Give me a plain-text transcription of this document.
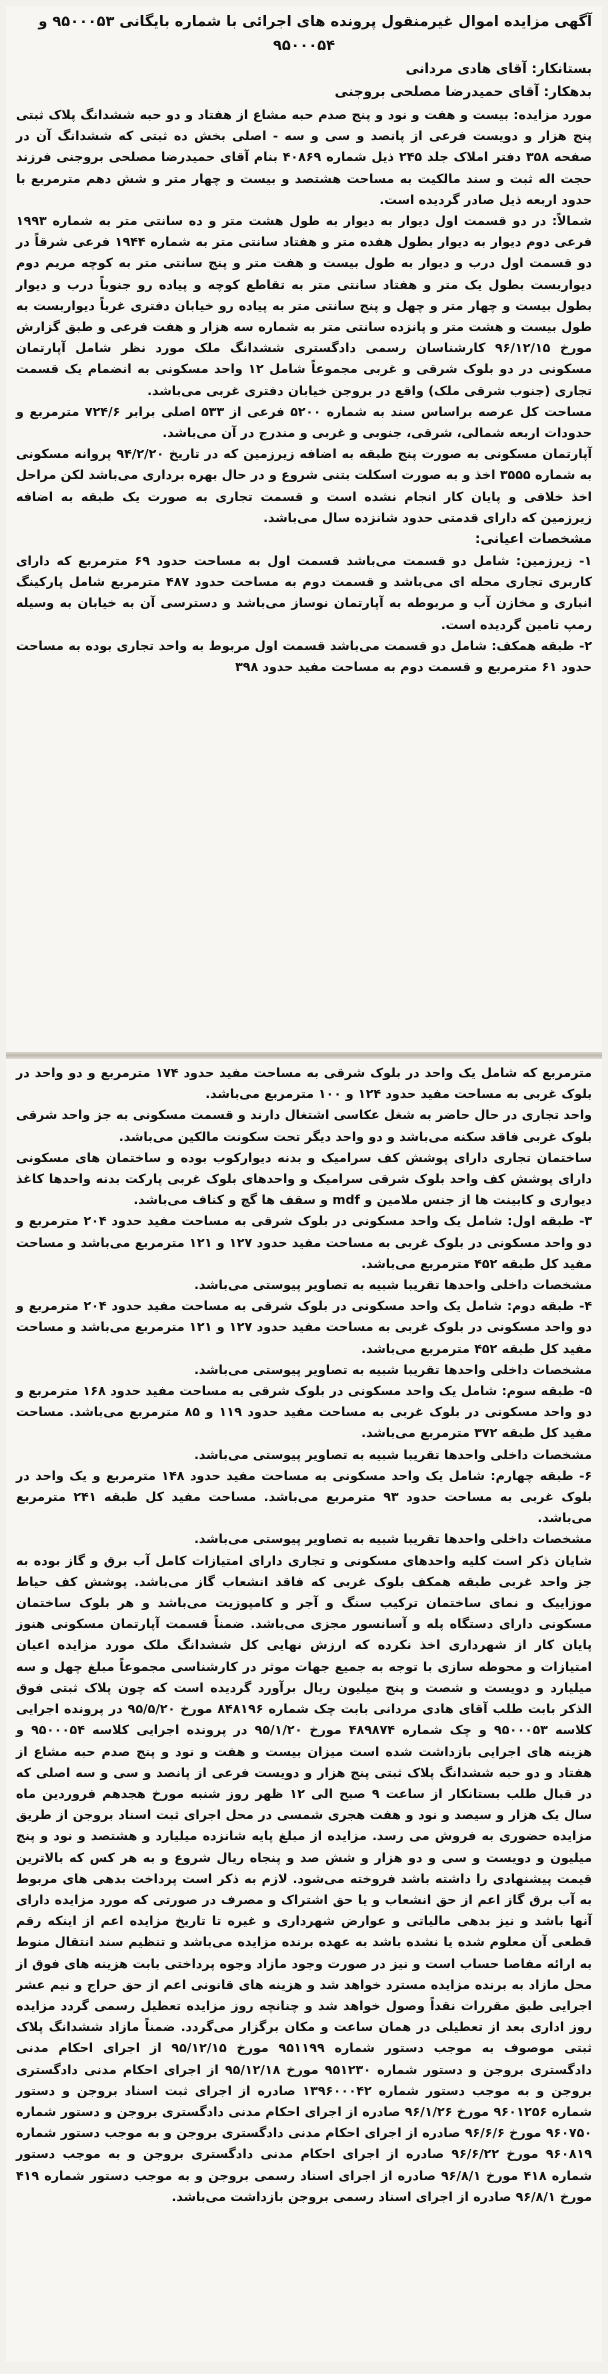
آگهی مزایده اموال غیرمنقول پرونده های اجرائی با شماره بایگانی ۹۵۰۰۰۵۳ و
۹۵۰۰۰۵۴
بستانکار: آقای هادی مردانی
بدهکار: آقای حمیدرضا مصلحی بروجنی

مورد مزایده: بیست و هفت و نود و پنج صدم حبه مشاع از هفتاد و دو حبه ششدانگ پلاک ثبتی پنج هزار و دویست فرعی از پانصد و سی و سه - اصلی بخش ده ثبتی که ششدانگ آن در صفحه ۳۵۸ دفتر املاک جلد ۲۴۵ ذیل شماره ۴۰۸۶۹ بنام آقای حمیدرضا مصلحی بروجنی فرزند حجت اله ثبت و سند مالکیت به مساحت هشتصد و بیست و چهار متر و شش دهم مترمربع با حدود اربعه ذیل صادر گردیده است.

شمالاً: در دو قسمت اول دیوار به دیوار به طول هشت متر و ده سانتی متر به شماره ۱۹۹۳ فرعی دوم دیوار به دیوار بطول هفده متر و هفتاد سانتی متر به شماره ۱۹۴۴ فرعی شرقاً در دو قسمت اول درب و دیوار به طول بیست و هفت متر و پنج سانتی متر به کوچه مریم دوم دیواربست بطول یک متر و هفتاد سانتی متر به تقاطع کوچه و پیاده رو جنوباً درب و دیوار بطول بیست و چهار متر و چهل و پنج سانتی متر به پیاده رو خیابان دفتری غرباً دیواربست به طول بیست و هشت متر و پانزده سانتی متر به شماره سه هزار و هفت فرعی و طبق گزارش مورخ ۹۶/۱۲/۱۵ کارشناسان رسمی دادگستری ششدانگ ملک مورد نظر شامل آپارتمان مسکونی در دو بلوک شرقی و غربی مجموعاً شامل ۱۲ واحد مسکونی به انضمام یک قسمت تجاری (جنوب شرقی ملک) واقع در بروجن خیابان دفتری غربی می‌باشد.

مساحت کل عرصه براساس سند به شماره ۵۲۰۰ فرعی از ۵۳۳ اصلی برابر ۷۲۴/۶ مترمربع و حدودات اربعه شمالی، شرقی، جنوبی و غربی و مندرج در آن می‌باشد.

آپارتمان مسکونی به صورت پنج طبقه به اضافه زیرزمین که در تاریخ ۹۴/۲/۲۰ پروانه مسکونی به شماره ۳۵۵۵ اخذ و به صورت اسکلت بتنی شروع و در حال بهره برداری می‌باشد لکن مراحل اخذ خلافی و پایان کار انجام نشده است و قسمت تجاری به صورت یک طبقه به اضافه زیرزمین که دارای قدمتی حدود شانزده سال می‌باشد.

مشخصات اعیانی:

۱- زیرزمین: شامل دو قسمت می‌باشد قسمت اول به مساحت حدود ۶۹ مترمربع که دارای کاربری تجاری محله ای می‌باشد و قسمت دوم به مساحت حدود ۴۸۷ مترمربع شامل پارکینگ انباری و مخازن آب و مربوطه به آپارتمان نوساز می‌باشد و دسترسی آن به خیابان به وسیله رمپ تامین گردیده است.

۲- طبقه همکف: شامل دو قسمت می‌باشد قسمت اول مربوط به واحد تجاری بوده به مساحت حدود ۶۱ مترمربع و قسمت دوم به مساحت مفید حدود ۳۹۸

مترمربع که شامل یک واحد در بلوک شرقی به مساحت مفید حدود ۱۷۴ مترمربع و دو واحد در بلوک غربی به مساحت مفید حدود ۱۲۴ و ۱۰۰ مترمربع می‌باشد.

واحد تجاری در حال حاضر به شغل عکاسی اشتغال دارند و قسمت مسکونی به جز واحد شرقی بلوک غربی فاقد سکنه می‌باشد و دو واحد دیگر تحت سکونت مالکین می‌باشد.

ساختمان تجاری دارای پوشش کف سرامیک و بدنه دیوارکوب بوده و ساختمان های مسکونی دارای پوشش کف واحد بلوک شرقی سرامیک و واحدهای بلوک غربی پارکت بدنه واحدها کاغذ دیواری و کابینت ها از جنس ملامین و mdf و سقف ها گچ و کناف می‌باشد.

۳- طبقه اول: شامل یک واحد مسکونی در بلوک شرقی به مساحت مفید حدود ۲۰۴ مترمربع و دو واحد مسکونی در بلوک غربی به مساحت مفید حدود ۱۲۷ و ۱۲۱ مترمربع می‌باشد و مساحت مفید کل طبقه ۴۵۲ مترمربع می‌باشد.

مشخصات داخلی واحدها تقریبا شبیه به تصاویر پیوستی می‌باشد.

۴- طبقه دوم: شامل یک واحد مسکونی در بلوک شرقی به مساحت مفید حدود ۲۰۴ مترمربع و دو واحد مسکونی در بلوک غربی به مساحت مفید حدود ۱۲۷ و ۱۲۱ مترمربع می‌باشد و مساحت مفید کل طبقه ۴۵۲ مترمربع می‌باشد.

مشخصات داخلی واحدها تقریبا شبیه به تصاویر پیوستی می‌باشد.

۵- طبقه سوم: شامل یک واحد مسکونی در بلوک شرقی به مساحت مفید حدود ۱۶۸ مترمربع و دو واحد مسکونی در بلوک غربی به مساحت مفید حدود ۱۱۹ و ۸۵ مترمربع می‌باشد. مساحت مفید کل طبقه ۳۷۲ مترمربع می‌باشد.

مشخصات داخلی واحدها تقریبا شبیه به تصاویر پیوستی می‌باشد.

۶- طبقه چهارم: شامل یک واحد مسکونی به مساحت مفید حدود ۱۴۸ مترمربع و یک واحد در بلوک غربی به مساحت حدود ۹۳ مترمربع می‌باشد. مساحت مفید کل طبقه ۲۴۱ مترمربع می‌باشد.

مشخصات داخلی واحدها تقریبا شبیه به تصاویر پیوستی می‌باشد.

شایان ذکر است کلیه واحدهای مسکونی و تجاری دارای امتیازات کامل آب برق و گاز بوده به جز واحد غربی طبقه همکف بلوک غربی که فاقد انشعاب گاز می‌باشد. پوشش کف حیاط موزاییک و نمای ساختمان ترکیب سنگ و آجر و کامپوزیت می‌باشد و هر بلوک ساختمان مسکونی دارای دستگاه پله و آسانسور مجزی می‌باشد. ضمناً قسمت آپارتمان مسکونی هنوز پایان کار از شهرداری اخذ نکرده که ارزش نهایی کل ششدانگ ملک مورد مزایده اعیان امتیازات و محوطه سازی با توجه به جمیع جهات موثر در کارشناسی مجموعاً مبلغ چهل و سه میلیارد و دویست و شصت و پنج میلیون ریال برآورد گردیده است که چون پلاک ثبتی فوق الذکر بابت طلب آقای هادی مردانی بابت چک شماره ۸۴۸۱۹۶ مورخ ۹۵/۵/۲۰ در پرونده اجرایی کلاسه ۹۵۰۰۰۵۳ و چک شماره ۴۸۹۸۷۴ مورخ ۹۵/۱/۲۰ در پرونده اجرایی کلاسه ۹۵۰۰۰۵۴ و هزینه های اجرایی بازداشت شده است میزان بیست و هفت و نود و پنج صدم حبه مشاع از هفتاد و دو حبه ششدانگ پلاک ثبتی پنج هزار و دویست فرعی از پانصد و سی و سه اصلی که در قبال طلب بستانکار از ساعت ۹ صبح الی ۱۲ ظهر روز شنبه مورخ هجدهم فروردین ماه سال یک هزار و سیصد و نود و هفت هجری شمسی در محل اجرای ثبت اسناد بروجن از طریق مزایده حضوری به فروش می رسد. مزایده از مبلغ پایه شانزده میلیارد و هشتصد و نود و پنج میلیون و دویست و سی و دو هزار و شش صد و پنجاه ریال شروع و به هر کس که بالاترین قیمت پیشنهادی را داشته باشد فروخته می‌شود. لازم به ذکر است پرداخت بدهی های مربوط به آب برق گاز اعم از حق انشعاب و یا حق اشتراک و مصرف در صورتی که مورد مزایده دارای آنها باشد و نیز بدهی مالیاتی و عوارض شهرداری و غیره تا تاریخ مزایده اعم از اینکه رقم قطعی آن معلوم شده یا نشده باشد به عهده برنده مزایده می‌باشد و تنظیم سند انتقال منوط به ارائه مفاصا حساب است و نیز در صورت وجود مازاد وجوه پرداختی بابت هزینه های فوق از محل مازاد به برنده مزایده مسترد خواهد شد و هزینه های قانونی اعم از حق حراج و نیم عشر اجرایی طبق مقررات نقداً وصول خواهد شد و چنانچه روز مزایده تعطیل رسمی گردد مزایده روز اداری بعد از تعطیلی در همان ساعت و مکان برگزار می‌گردد. ضمناً مازاد ششدانگ پلاک ثبتی موصوف به موجب دستور شماره ۹۵۱۱۹۹ مورخ ۹۵/۱۲/۱۵ از اجرای احکام مدنی دادگستری بروجن و دستور شماره ۹۵۱۲۳۰ مورخ ۹۵/۱۲/۱۸ از اجرای احکام مدنی دادگستری بروجن و به موجب دستور شماره ۱۳۹۶۰۰۰۴۲ صادره از اجرای ثبت اسناد بروجن و دستور شماره ۹۶۰۱۲۵۶ مورخ ۹۶/۱/۲۶ صادره از اجرای احکام مدنی دادگستری بروجن و دستور شماره ۹۶۰۷۵۰ مورخ ۹۶/۶/۶ صادره از اجرای احکام مدنی دادگستری بروجن و به موجب دستور شماره ۹۶۰۸۱۹ مورخ ۹۶/۶/۲۲ صادره از اجرای احکام مدنی دادگستری بروجن و به موجب دستور شماره ۴۱۸ مورخ ۹۶/۸/۱ صادره از اجرای اسناد رسمی بروجن و به موجب دستور شماره ۴۱۹ مورخ ۹۶/۸/۱ صادره از اجرای اسناد رسمی بروجن بازداشت می‌باشد.
